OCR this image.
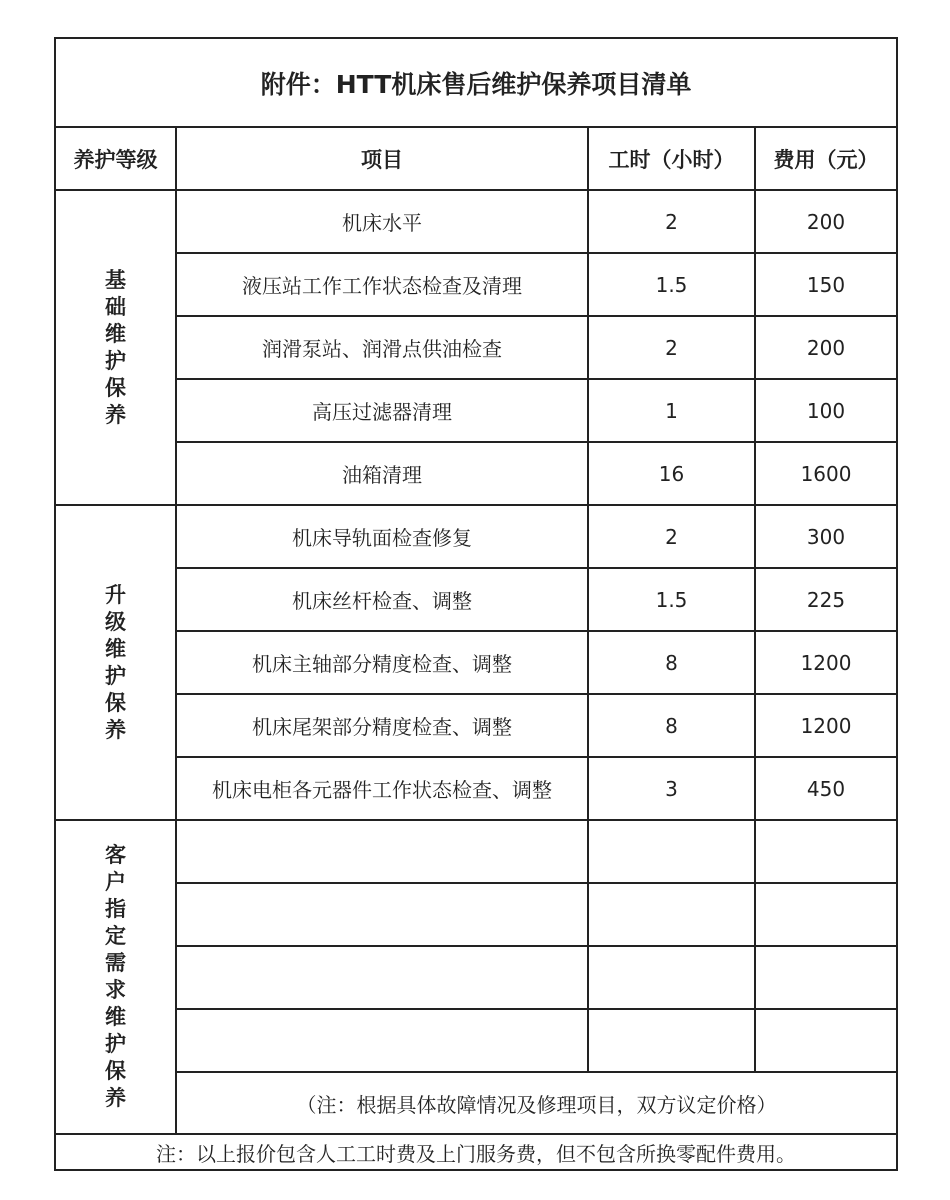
附件：HTT机床售后维护保养项目清单			
养护等级	项目	工时（小时）	费用（元）
基础维护保养	机床水平	2	200
	液压站工作工作状态检查及清理	1.5	150
	润滑泵站、润滑点供油检查	2	200
	高压过滤器清理	1	100
	油箱清理	16	1600
升级维护保养	机床导轨面检查修复	2	300
	机床丝杆检查、调整	1.5	225
	机床主轴部分精度检查、调整	8	1200
	机床尾架部分精度检查、调整	8	1200
	机床电柜各元器件工作状态检查、调整	3	450
客户指定需求维护保养			

	（注：根据具体故障情况及修理项目，双方议定价格）		
注：以上报价包含人工工时费及上门服务费，但不包含所换零配件费用。			
